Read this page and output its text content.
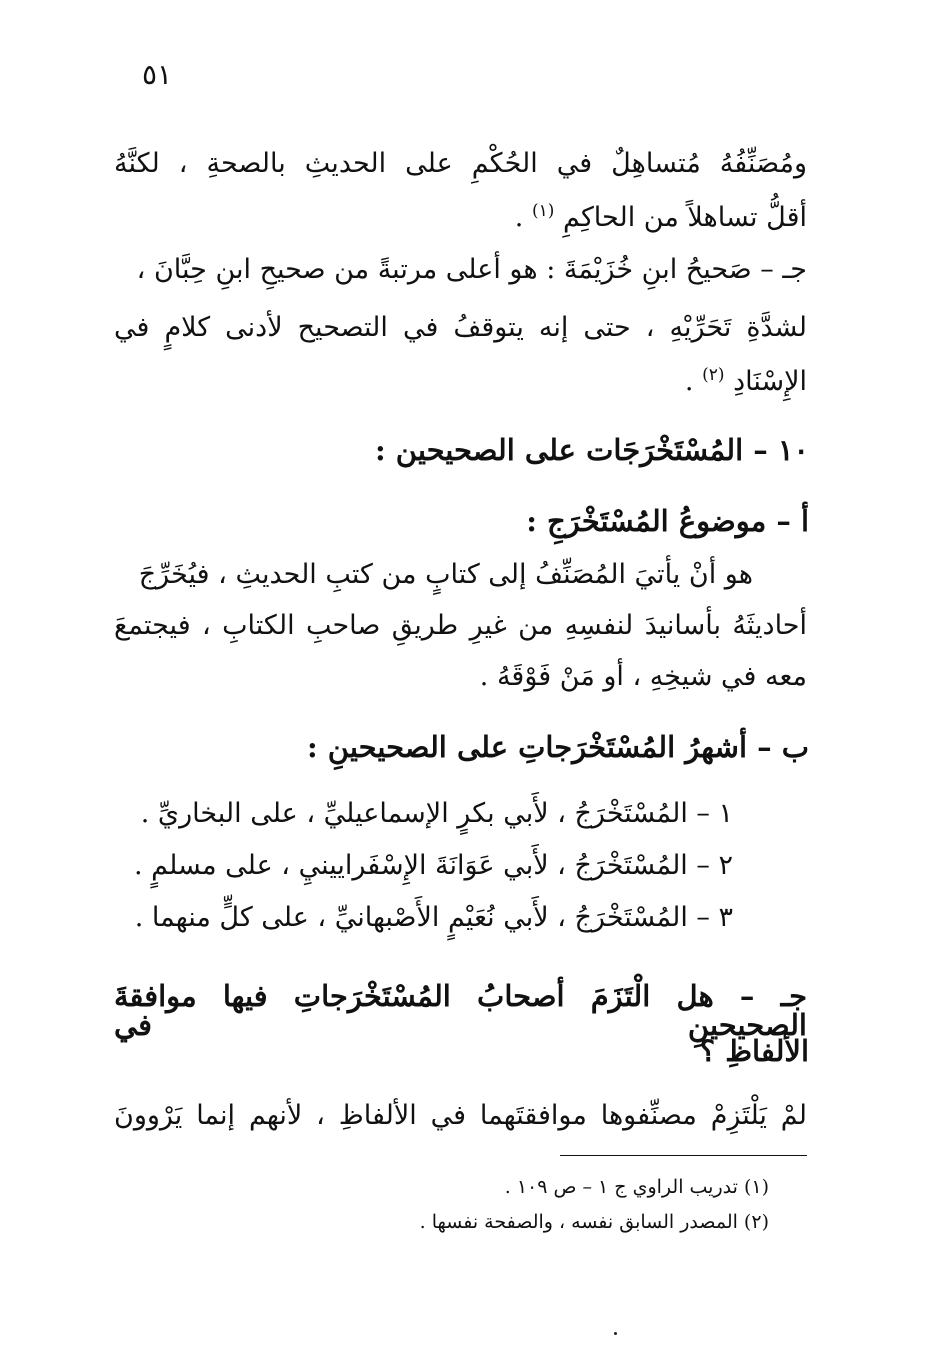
٥١
ومُصَنِّفُهُ مُتساهِلٌ في الحُكْمِ على الحديثِ بالصحةِ ، لكنَّهُ
أقلُّ تساهلاً من الحاكِمِ $^{(١)}$ .
جـ – صَحيحُ ابنِ خُزَيْمَةَ : هو أعلى مرتبةً من صحيحِ ابنِ حِبَّانَ ،
لشدَّةِ تَحَرِّيْهِ ، حتى إنه يتوقفُ في التصحيح لأدنى كلامٍ في
الإِسْنَادِ $^{(٢)}$ .
١٠ – المُسْتَخْرَجَات على الصحيحين :
أ – موضوعُ المُسْتَخْرَجِ :
هو أنْ يأتيَ المُصَنِّفُ إلى كتابٍ من كتبِ الحديثِ ، فيُخَرِّجَ
أحاديثَهُ بأسانيدَ لنفسِهِ من غيرِ طريقِ صاحبِ الكتابِ ، فيجتمعَ
معه في شيخِهِ ، أو مَنْ فَوْقَهُ .
ب – أشهرُ المُسْتَخْرَجاتِ على الصحيحينِ :
١ – المُسْتَخْرَجُ ، لأَبي بكرٍ الإسماعيليِّ ، على البخاريِّ .
٢ – المُسْتَخْرَجُ ، لأَبي عَوَانَةَ الإِسْفَرايينيِ ، على مسلمٍ .
٣ – المُسْتَخْرَجُ ، لأَبي نُعَيْمٍ الأَصْبهانيِّ ، على كلٍّ منهما .
جـ – هل الْتَزَمَ أصحابُ المُسْتَخْرَجاتِ فيها موافقةَ الصحيحينِ في
الألفاظِ ؟
لمْ يَلْتَزِمْ مصنِّفوها موافقتَهما في الألفاظِ ، لأنهم إنما يَرْوونَ
(١) تدريب الراوي ج ١ – ص ١٠٩ .
(٢) المصدر السابق نفسه ، والصفحة نفسها .
